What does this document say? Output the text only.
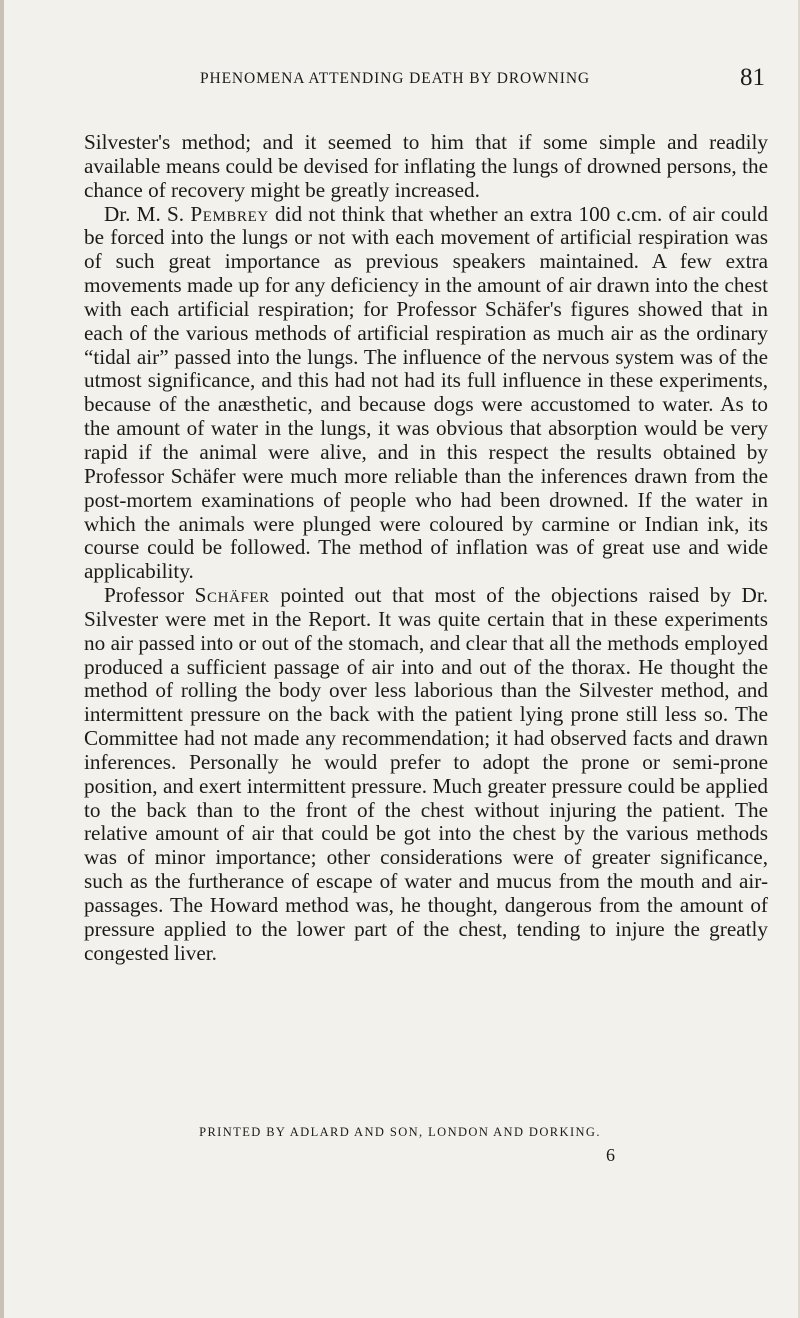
PHENOMENA ATTENDING DEATH BY DROWNING	81

Silvester's method; and it seemed to him that if some simple and readily available means could be devised for inflating the lungs of drowned persons, the chance of recovery might be greatly increased.

Dr. M. S. Pembrey did not think that whether an extra 100 c.cm. of air could be forced into the lungs or not with each movement of artificial respiration was of such great importance as previous speakers maintained. A few extra movements made up for any deficiency in the amount of air drawn into the chest with each artificial respiration; for Professor Schäfer's figures showed that in each of the various methods of artificial respiration as much air as the ordinary “tidal air” passed into the lungs. The influence of the nervous system was of the utmost significance, and this had not had its full influence in these experiments, because of the anæsthetic, and because dogs were accustomed to water. As to the amount of water in the lungs, it was obvious that absorption would be very rapid if the animal were alive, and in this respect the results obtained by Professor Schäfer were much more reliable than the inferences drawn from the post-mortem examinations of people who had been drowned. If the water in which the animals were plunged were coloured by carmine or Indian ink, its course could be followed. The method of inflation was of great use and wide applicability.

Professor Schäfer pointed out that most of the objections raised by Dr. Silvester were met in the Report. It was quite certain that in these experiments no air passed into or out of the stomach, and clear that all the methods employed produced a sufficient passage of air into and out of the thorax. He thought the method of rolling the body over less laborious than the Silvester method, and intermittent pressure on the back with the patient lying prone still less so. The Committee had not made any recommendation; it had observed facts and drawn inferences. Personally he would prefer to adopt the prone or semi-prone position, and exert intermittent pressure. Much greater pressure could be applied to the back than to the front of the chest without injuring the patient. The relative amount of air that could be got into the chest by the various methods was of minor importance; other considerations were of greater significance, such as the furtherance of escape of water and mucus from the mouth and air-passages. The Howard method was, he thought, dangerous from the amount of pressure applied to the lower part of the chest, tending to injure the greatly congested liver.

PRINTED BY ADLARD AND SON, LONDON AND DORKING.
6
